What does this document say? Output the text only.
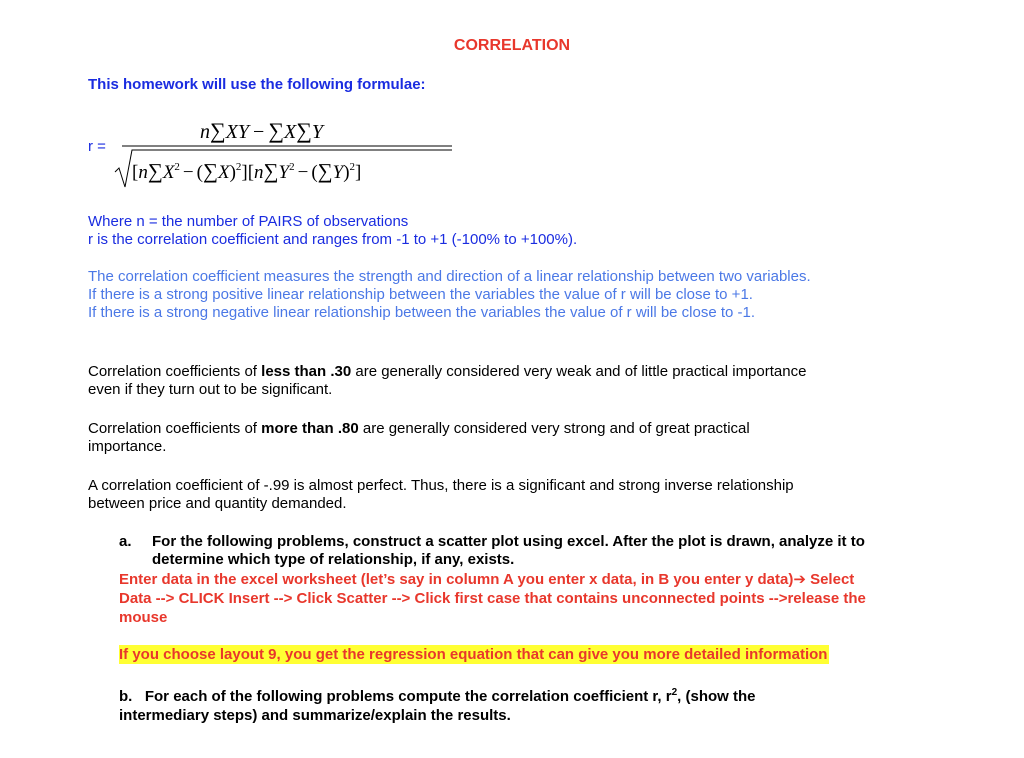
CORRELATION
This homework will use the following formulae:
r =
n∑XY − ∑X∑Y
$[n\sum X^2 - (\sum X)^2][n\sum Y^2 - (\sum Y)^2]$
Where n = the number of PAIRS of observations
r is the correlation coefficient and ranges from -1 to +1 (-100% to +100%).
The correlation coefficient measures the strength and direction of a linear relationship between two variables.
If there is a strong positive linear relationship between the variables the value of r will be close to +1.
If there is a strong negative linear relationship between the variables the value of r will be close to -1.
Correlation coefficients of less than .30 are generally considered very weak and of little practical importance
even if they turn out to be significant.
Correlation coefficients of more than .80 are generally considered very strong and of great practical
importance.
A correlation coefficient of -.99 is almost perfect. Thus, there is a significant and strong inverse relationship
between price and quantity demanded.
a. For the following problems, construct a scatter plot using excel. After the plot is drawn, analyze it to
determine which type of relationship, if any, exists.
Enter data in the excel worksheet (let’s say in column A you enter x data, in B you enter y data)➔ Select
Data --> CLICK Insert --> Click Scatter --> Click first case that contains unconnected points -->release the
mouse
If you choose layout 9, you get the regression equation that can give you more detailed information
b. For each of the following problems compute the correlation coefficient r, $r^2$, (show the
intermediary steps) and summarize/explain the results.
